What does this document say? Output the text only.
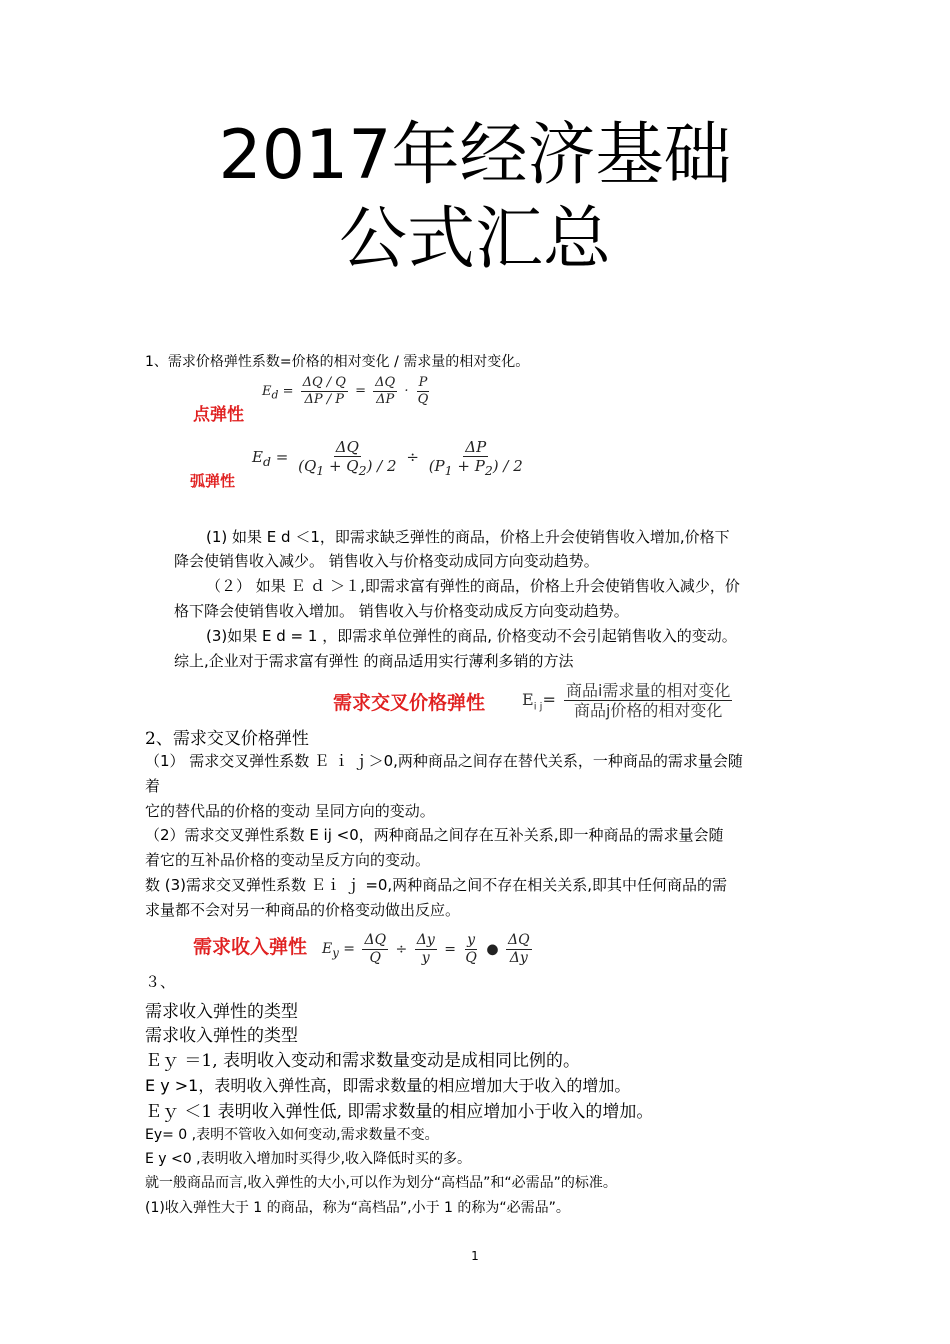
2017年经济基础
公式汇总
1、需求价格弹性系数=价格的相对变化 / 需求量的相对变化。
点弹性
$E_d = \frac{\Delta Q / Q}{\Delta P / P} = \frac{\Delta Q}{\Delta P} \cdot \frac{P}{Q}$
弧弹性
$E_d = \frac{\Delta Q}{(Q_1 + Q_2) / 2} \div \frac{\Delta P}{(P_1 + P_2) / 2}$
(1) 如果 E d ＜1，即需求缺乏弹性的商品，价格上升会使销售收入增加,价格下
降会使销售收入减少。 销售收入与价格变动成同方向变动趋势。
（２） 如果 Ｅ ｄ ＞１,即需求富有弹性的商品，价格上升会使销售收入减少，价
格下降会使销售收入增加。 销售收入与价格变动成反方向变动趋势。
(3)如果 E d = 1 ，即需求单位弹性的商品, 价格变动不会引起销售收入的变动。
综上,企业对于需求富有弹性 的商品适用实行薄利多销的方法
需求交叉价格弹性 $E_{i j}= \frac{\text{商品i需求量的相对变化}}{\text{商品j价格的相对变化}}$
2、需求交叉价格弹性
（1） 需求交叉弹性系数 Ｅ ｉ ｊ＞0,两种商品之间存在替代关系，一种商品的需求量会随
着
它的替代品的价格的变动 呈同方向的变动。
（2）需求交叉弹性系数 E ij <0，两种商品之间存在互补关系,即一种商品的需求量会随
着它的互补品价格的变动呈反方向的变动。
数 (3)需求交叉弹性系数 Ｅｉ ｊ =0,两种商品之间不存在相关关系,即其中任何商品的需
求量都不会对另一种商品的价格变动做出反应。
需求收入弹性 $E_y = \frac{\Delta Q}{Q} \div \frac{\Delta y}{y} = \frac{y}{Q}$ ● $\frac{\Delta Q}{\Delta y}$
３、
需求收入弹性的类型
需求收入弹性的类型
Ｅｙ ＝1, 表明收入变动和需求数量变动是成相同比例的。
E y >1，表明收入弹性高，即需求数量的相应增加大于收入的增加。
Ｅｙ ＜1 表明收入弹性低, 即需求数量的相应增加小于收入的增加。
Ey= 0 ,表明不管收入如何变动,需求数量不变。
E y <0 ,表明收入增加时买得少,收入降低时买的多。
就一般商品而言,收入弹性的大小,可以作为划分“高档品”和“必需品”的标准。
(1)收入弹性大于 1 的商品，称为“高档品”,小于 1 的称为“必需品”。
1
